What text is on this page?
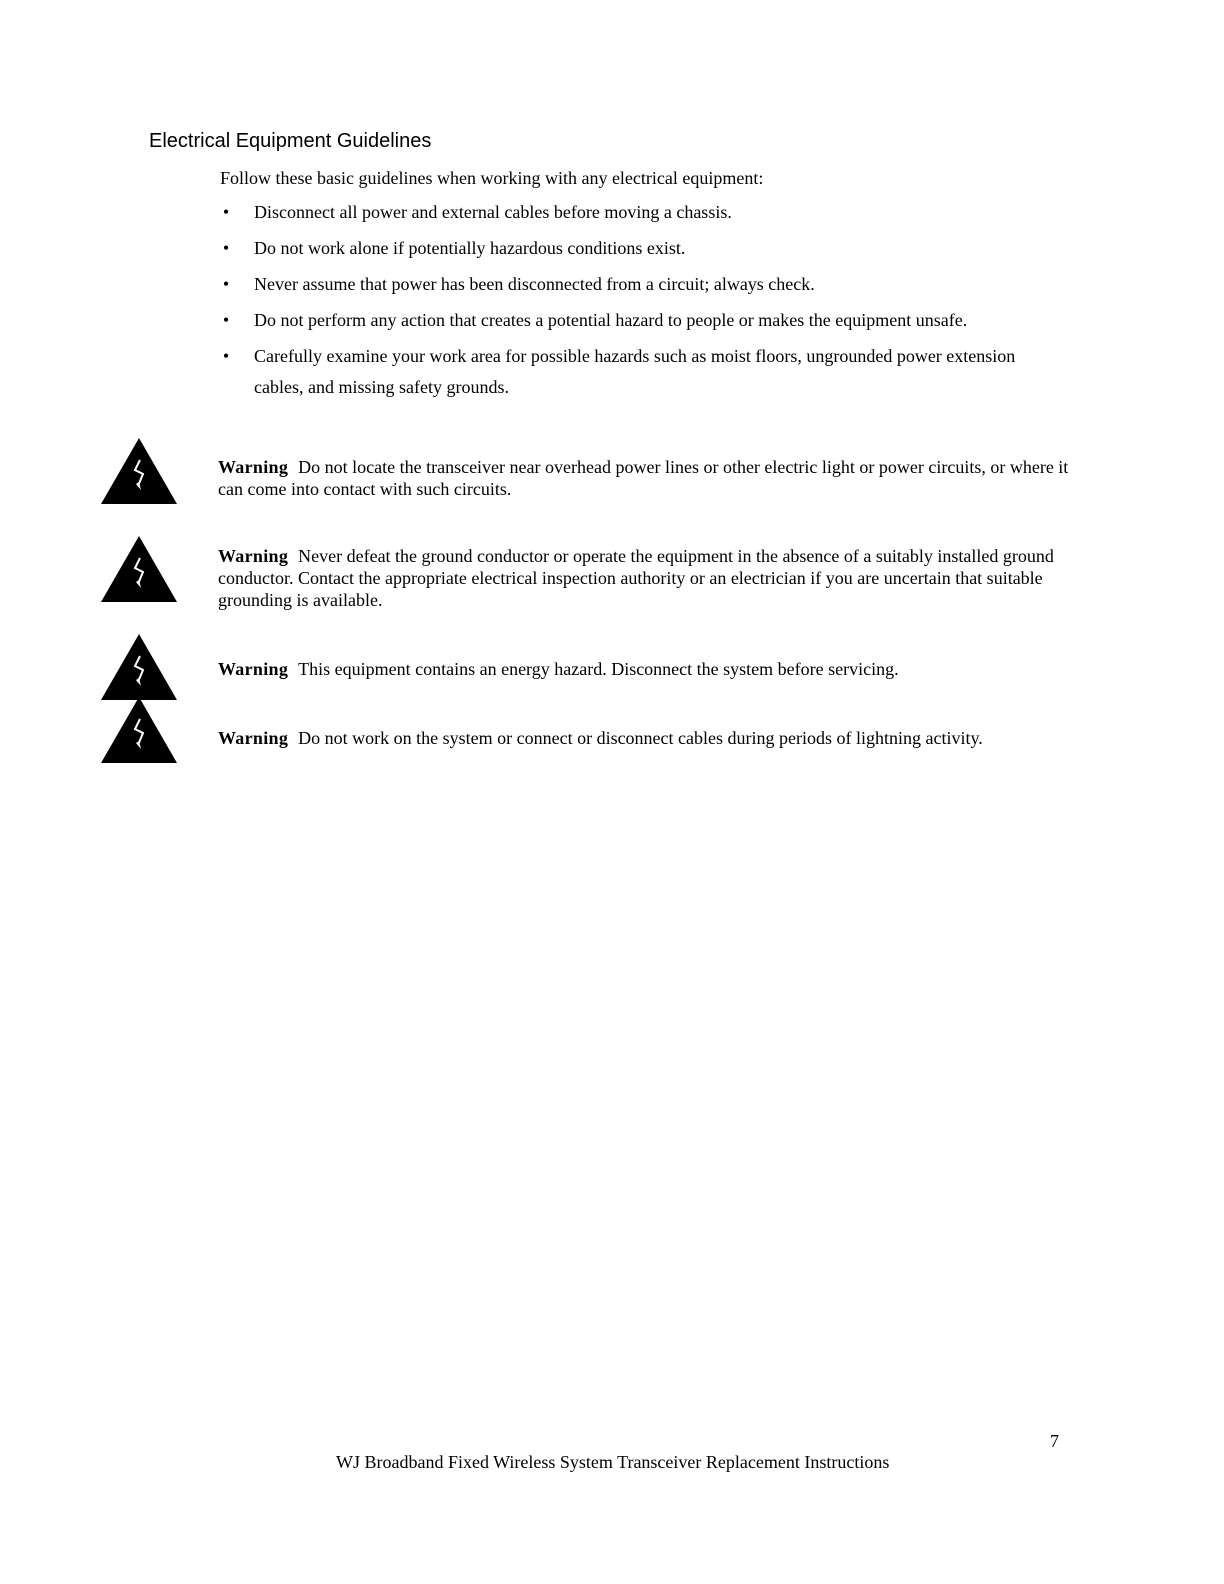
Electrical Equipment Guidelines
Follow these basic guidelines when working with any electrical equipment:
• Disconnect all power and external cables before moving a chassis.
• Do not work alone if potentially hazardous conditions exist.
• Never assume that power has been disconnected from a circuit; always check.
• Do not perform any action that creates a potential hazard to people or makes the equipment unsafe.
• Carefully examine your work area for possible hazards such as moist floors, ungrounded power extension cables, and missing safety grounds.
Warning Do not locate the transceiver near overhead power lines or other electric light or power circuits, or where it can come into contact with such circuits.
Warning Never defeat the ground conductor or operate the equipment in the absence of a suitably installed ground conductor. Contact the appropriate electrical inspection authority or an electrician if you are uncertain that suitable grounding is available.
Warning This equipment contains an energy hazard. Disconnect the system before servicing.
Warning Do not work on the system or connect or disconnect cables during periods of lightning activity.
7
WJ Broadband Fixed Wireless System Transceiver Replacement Instructions
